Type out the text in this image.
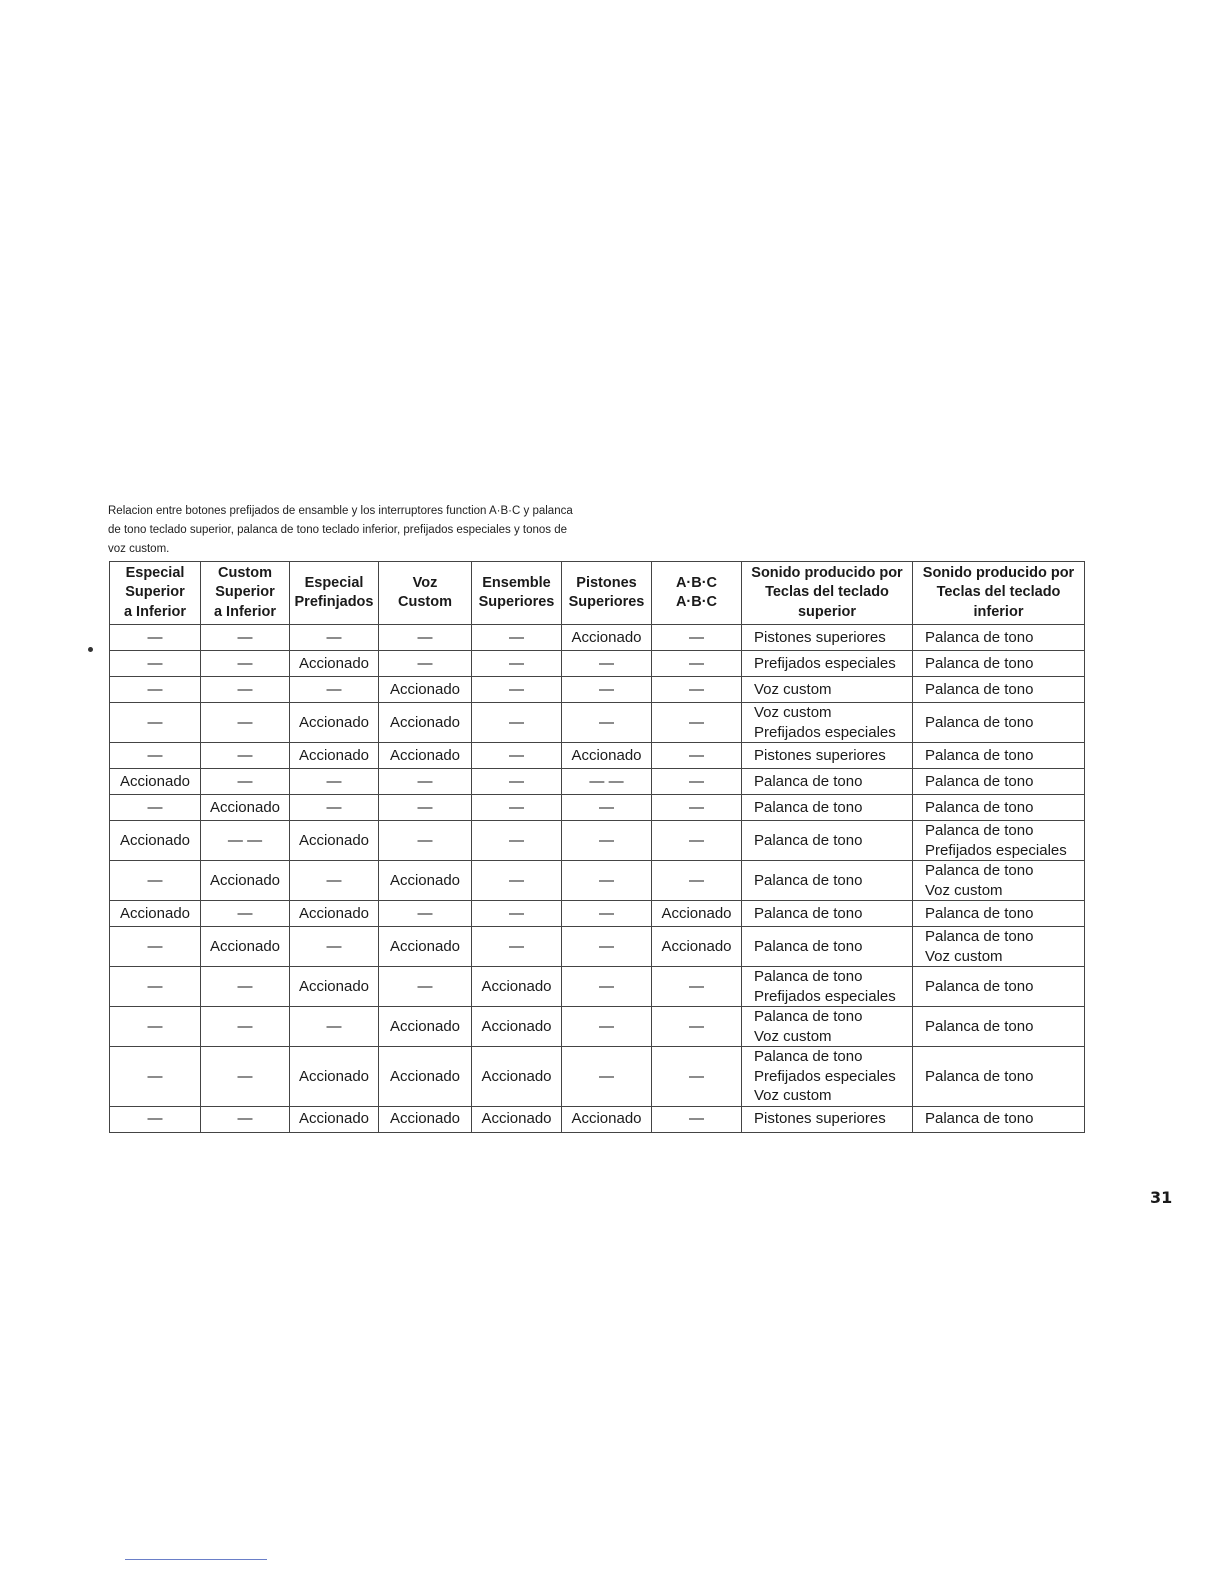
Relacion entre botones prefijados de ensamble y los interruptores function A·B·C y palanca
de tono teclado superior, palanca de tono teclado inferior, prefijados especiales y tonos de
voz custom.
Especial
Superior
a Inferior	Custom
Superior
a Inferior	Especial
Prefinjados	Voz
Custom	Ensemble
Superiores	Pistones
Superiores	A·B·C
A·B·C	Sonido producido por
Teclas del teclado
superior	Sonido producido por
Teclas del teclado
inferior

—	—	—	—	—	Accionado	—	Pistones superiores	Palanca de tono

—	—	Accionado	—	—	—	—	Prefijados especiales	Palanca de tono

—	—	—	Accionado	—	—	—	Voz custom	Palanca de tono

—	—	Accionado	Accionado	—	—	—	Voz custom
Prefijados especiales	Palanca de tono

—	—	Accionado	Accionado	—	Accionado	—	Pistones superiores	Palanca de tono

Accionado	—	—	—	—	— —	—	Palanca de tono	Palanca de tono

—	Accionado	—	—	—	—	—	Palanca de tono	Palanca de tono

Accionado	— —	Accionado	—	—	—	—	Palanca de tono	Palanca de tono
Prefijados especiales

—	Accionado	—	Accionado	—	—	—	Palanca de tono	Palanca de tono
Voz custom

Accionado	—	Accionado	—	—	—	Accionado	Palanca de tono	Palanca de tono

—	Accionado	—	Accionado	—	—	Accionado	Palanca de tono	Palanca de tono
Voz custom

—	—	Accionado	—	Accionado	—	—	Palanca de tono
Prefijados especiales	Palanca de tono

—	—	—	Accionado	Accionado	—	—	Palanca de tono
Voz custom	Palanca de tono

—	—	Accionado	Accionado	Accionado	—	—	Palanca de tono
Prefijados especiales
Voz custom	Palanca de tono

—	—	Accionado	Accionado	Accionado	Accionado	—	Pistones superiores	Palanca de tono
31
